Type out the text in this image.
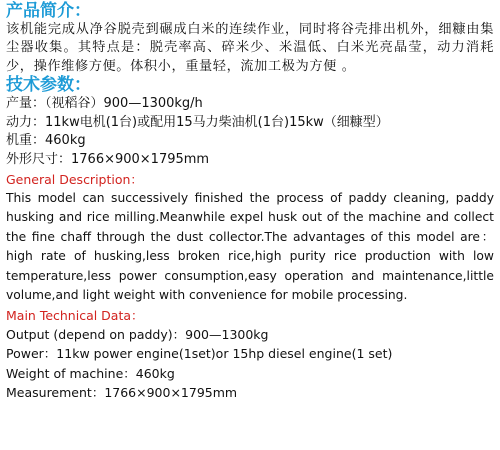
产品简介：

该机能完成从净谷脱壳到碾成白米的连续作业，同时将谷壳排出机外，细糠由集尘器收集。其特点是：脱壳率高、碎米少、米温低、白米光亮晶莹，动力消耗少，操作维修方便。体积小，重量轻，流加工极为方便 。

技术参数：
产量：（视稻谷）900—1300kg/h
动力：11kw电机(1台)或配用15马力柴油机(1台)15kw（细糠型）
机重：460kg
外形尺寸：1766×900×1795mm
General Description：

This model can successively finished the process of paddy cleaning, paddy husking and rice milling.Meanwhile expel husk out of the machine and collect the fine chaff through the dust collector.The advantages of this model are：high rate of husking,less broken rice,high purity rice production with low temperature,less power consumption,easy operation and maintenance,little volume,and light weight with convenience for mobile processing.

Main Technical Data：
Output (depend on paddy)：900—1300kg
Power：11kw power engine(1set)or 15hp diesel engine(1 set)
Weight of machine：460kg
Measurement：1766×900×1795mm
